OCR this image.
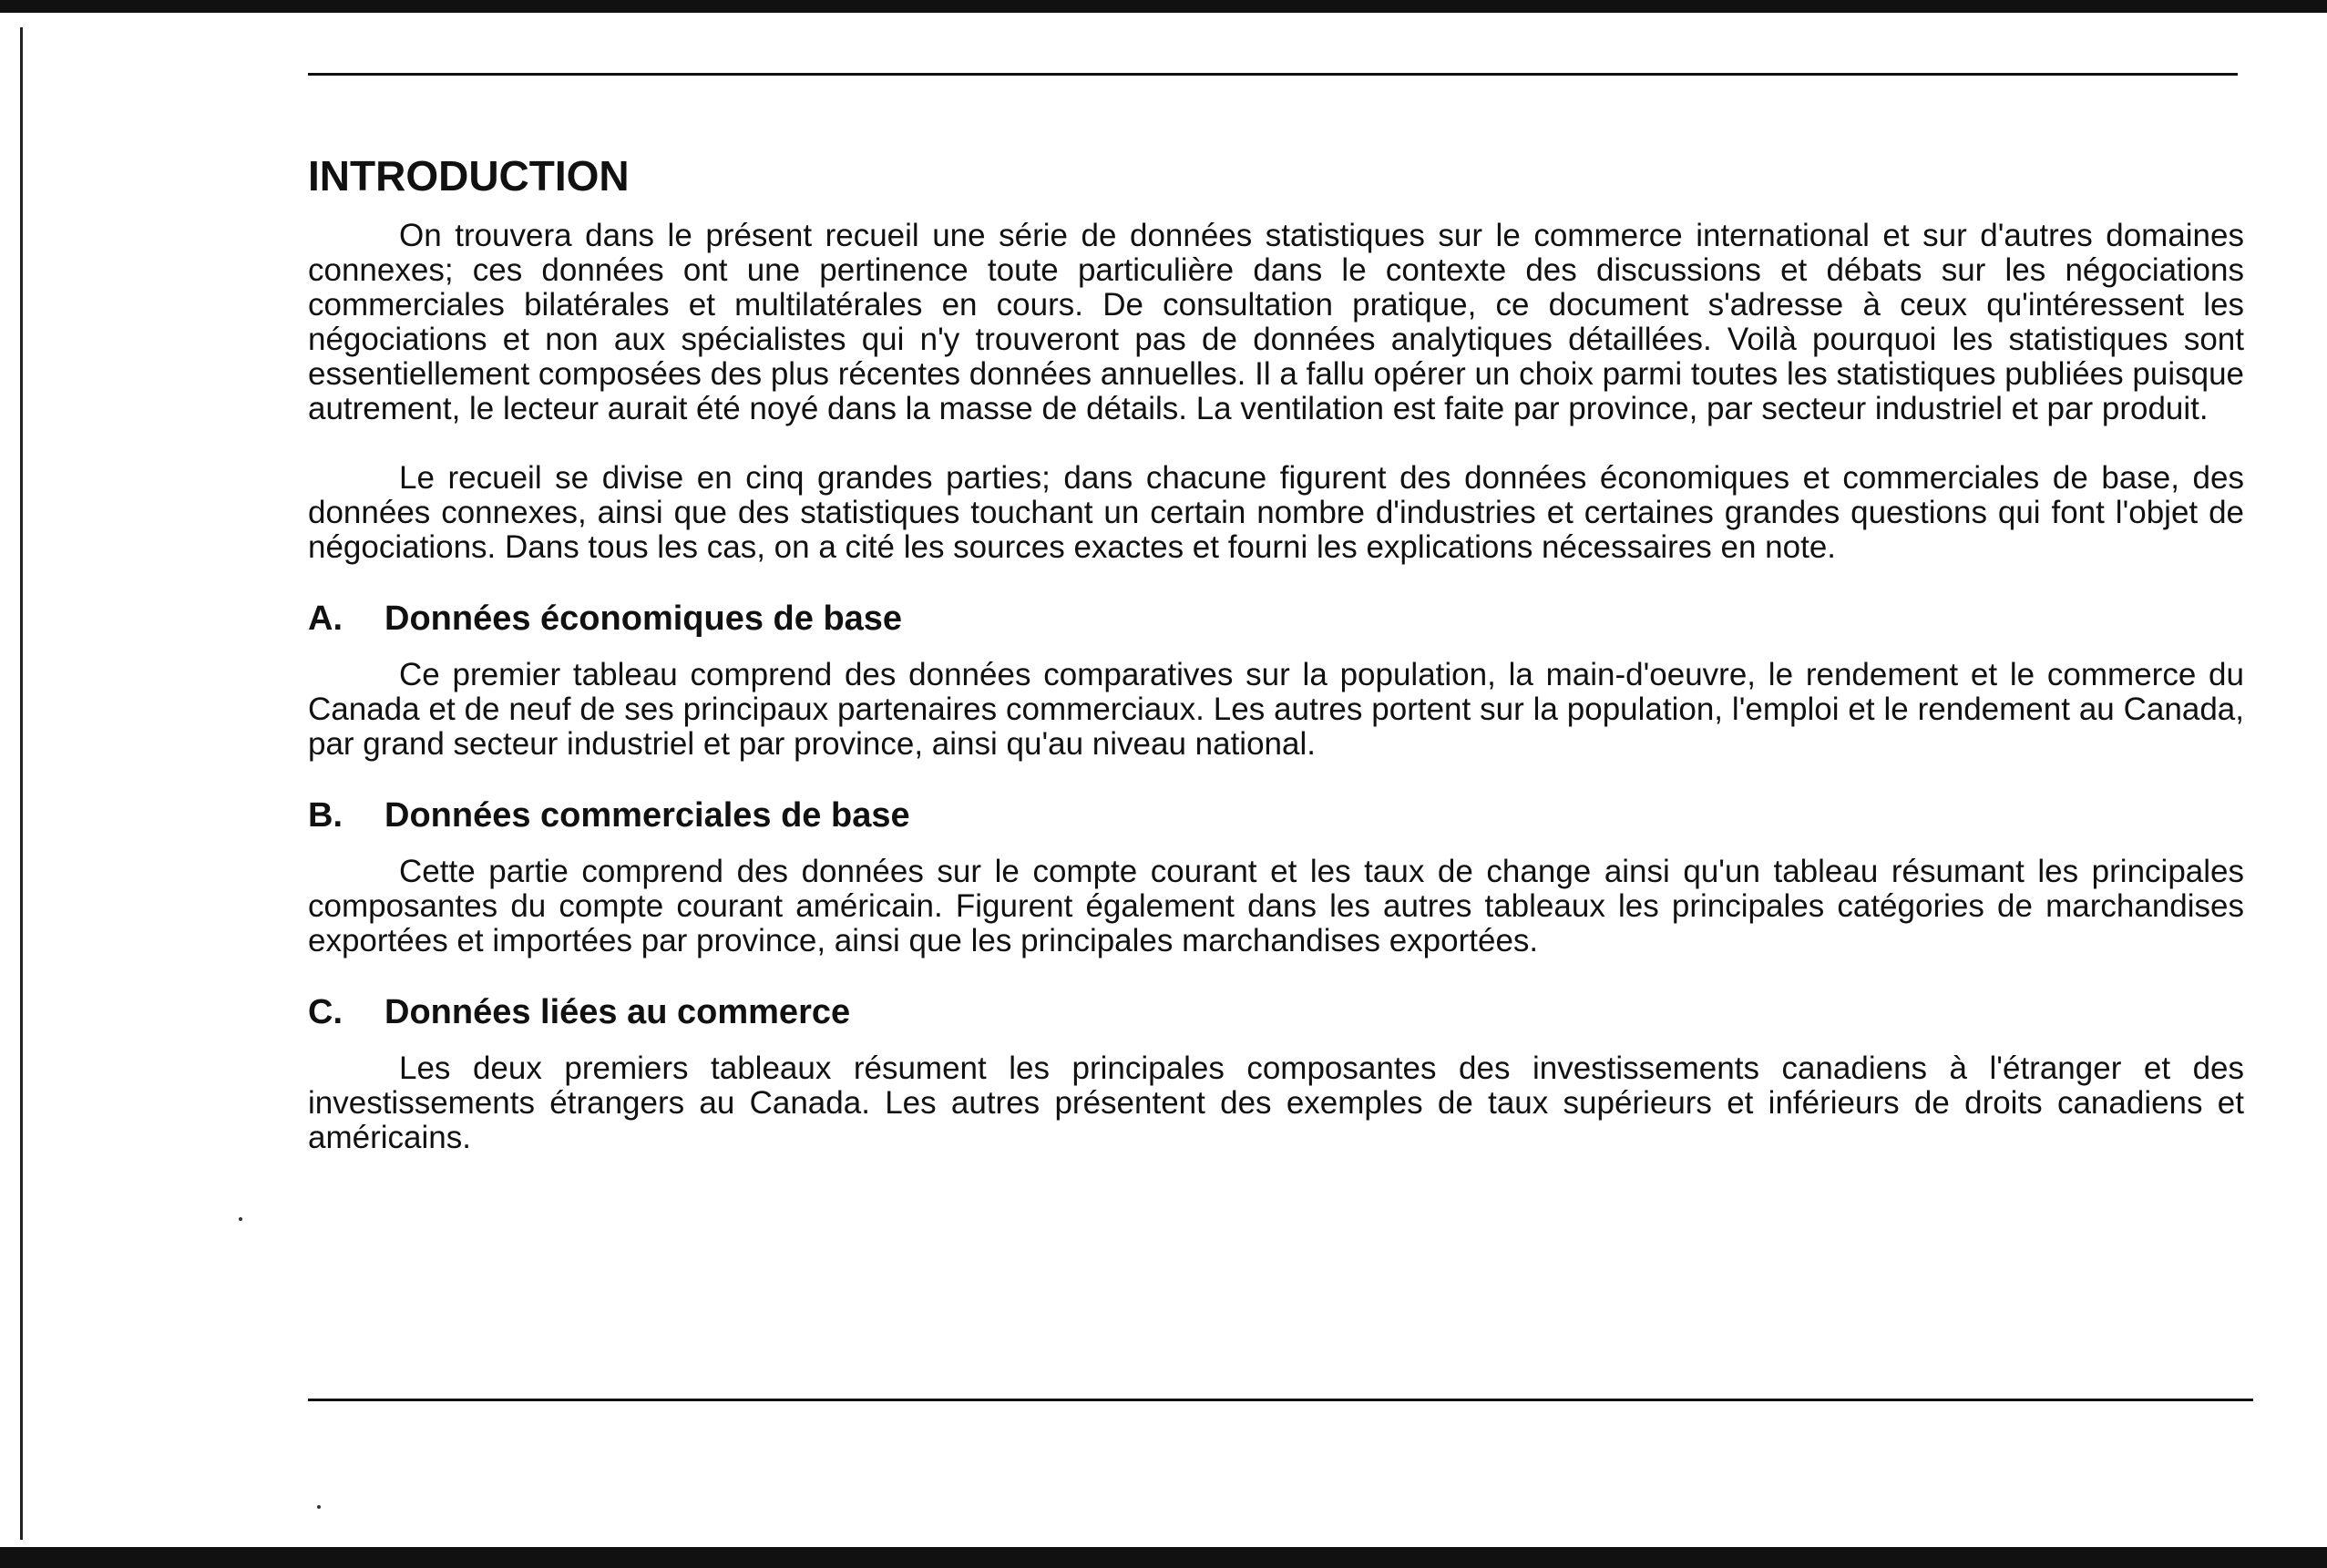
INTRODUCTION

On trouvera dans le présent recueil une série de données statistiques sur le commerce international et sur d'autres domaines connexes; ces données ont une pertinence toute particulière dans le contexte des discussions et débats sur les négociations commerciales bilatérales et multilatérales en cours. De consultation pratique, ce document s'adresse à ceux qu'intéressent les négociations et non aux spécialistes qui n'y trouveront pas de données analytiques détaillées. Voilà pourquoi les statistiques sont essentiellement composées des plus récentes données annuelles. Il a fallu opérer un choix parmi toutes les statistiques publiées puisque autrement, le lecteur aurait été noyé dans la masse de détails. La ventilation est faite par province, par secteur industriel et par produit.

Le recueil se divise en cinq grandes parties; dans chacune figurent des données économiques et commerciales de base, des données connexes, ainsi que des statistiques touchant un certain nombre d'industries et certaines grandes questions qui font l'objet de négociations. Dans tous les cas, on a cité les sources exactes et fourni les explications nécessaires en note.

A.	Données économiques de base

Ce premier tableau comprend des données comparatives sur la population, la main-d'oeuvre, le rendement et le commerce du Canada et de neuf de ses principaux partenaires commerciaux. Les autres portent sur la population, l'emploi et le rendement au Canada, par grand secteur industriel et par province, ainsi qu'au niveau national.

B.	Données commerciales de base

Cette partie comprend des données sur le compte courant et les taux de change ainsi qu'un tableau résumant les principales composantes du compte courant américain. Figurent également dans les autres tableaux les principales catégories de marchandises exportées et importées par province, ainsi que les principales marchandises exportées.

C.	Données liées au commerce

Les deux premiers tableaux résument les principales composantes des investissements canadiens à l'étranger et des investissements étrangers au Canada. Les autres présentent des exemples de taux supérieurs et inférieurs de droits canadiens et américains.
